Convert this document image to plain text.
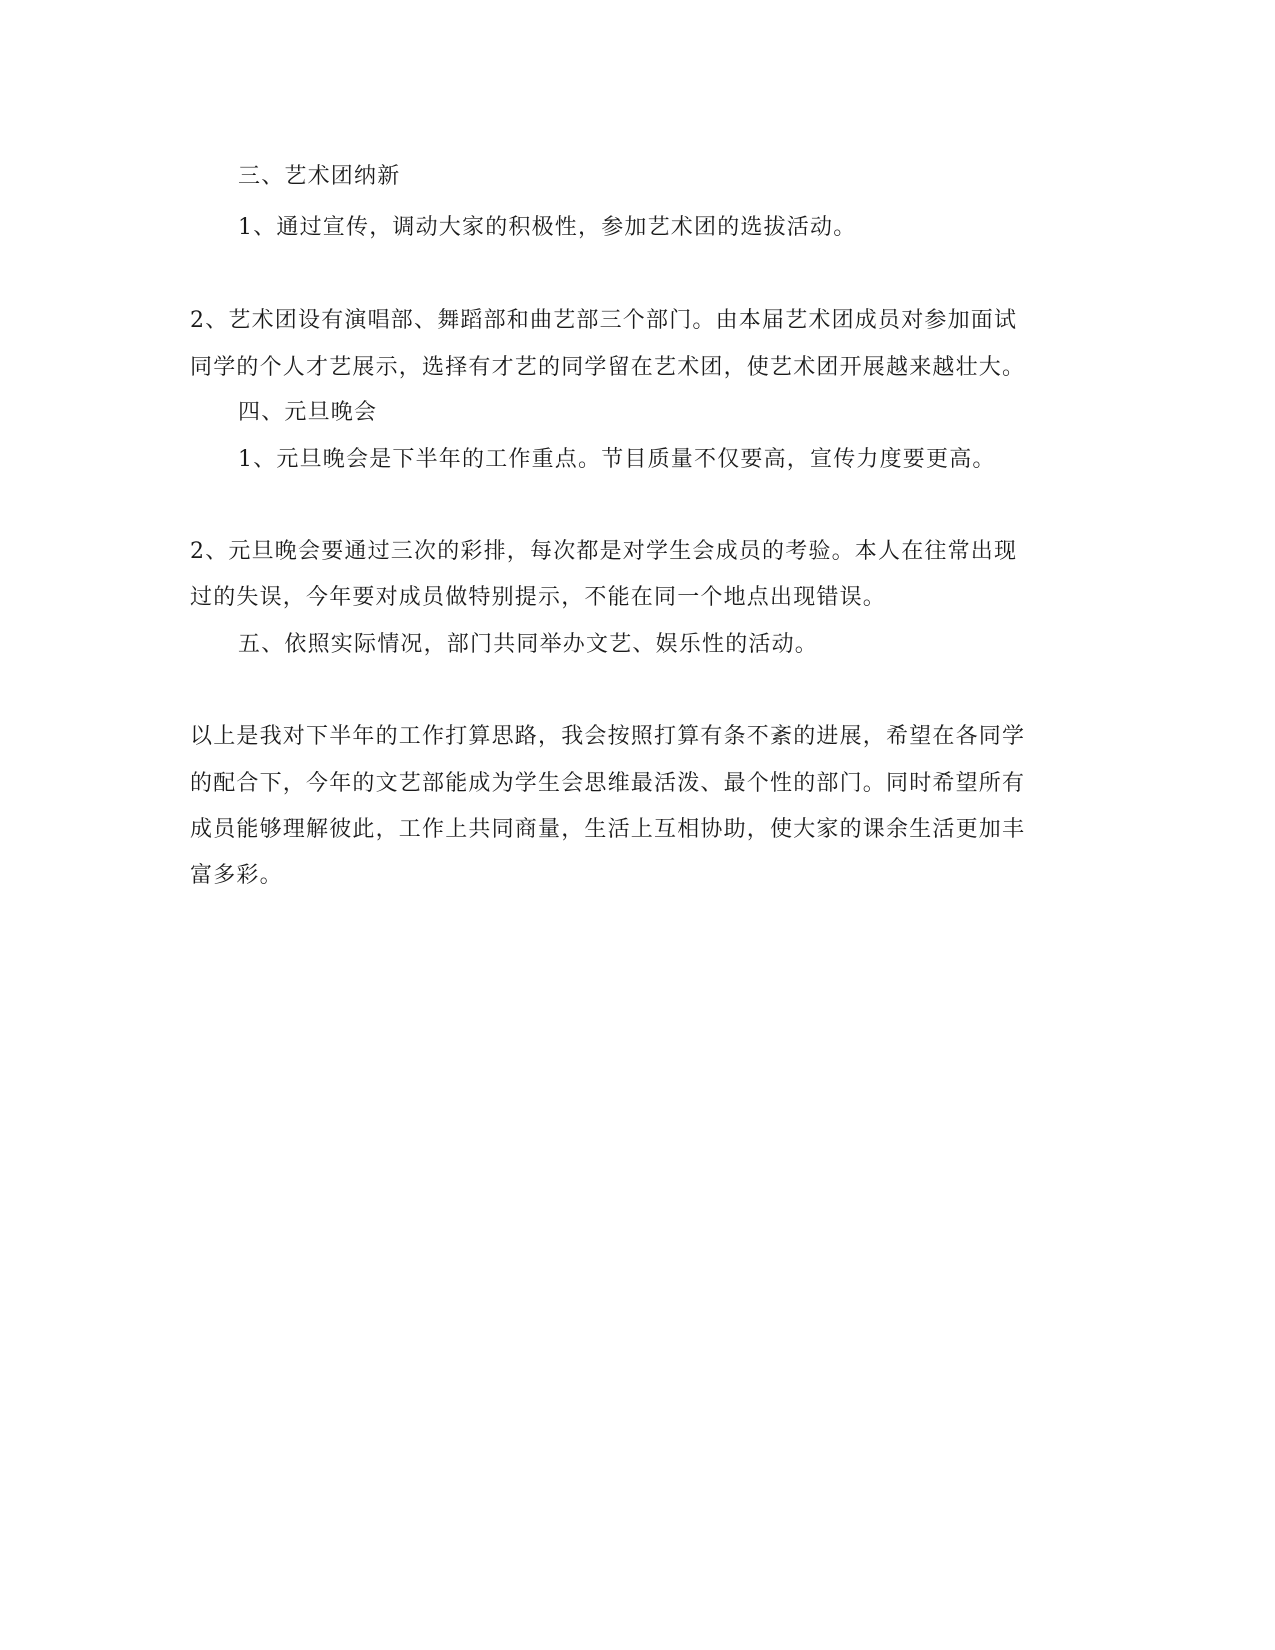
三、艺术团纳新
1、通过宣传，调动大家的积极性，参加艺术团的选拔活动。
2、艺术团设有演唱部、舞蹈部和曲艺部三个部门。由本届艺术团成员对参加面试
同学的个人才艺展示，选择有才艺的同学留在艺术团，使艺术团开展越来越壮大。
四、元旦晚会
1、元旦晚会是下半年的工作重点。节目质量不仅要高，宣传力度要更高。
2、元旦晚会要通过三次的彩排，每次都是对学生会成员的考验。本人在往常出现
过的失误，今年要对成员做特别提示，不能在同一个地点出现错误。
五、依照实际情况，部门共同举办文艺、娱乐性的活动。
以上是我对下半年的工作打算思路，我会按照打算有条不紊的进展，希望在各同学
的配合下，今年的文艺部能成为学生会思维最活泼、最个性的部门。同时希望所有
成员能够理解彼此，工作上共同商量，生活上互相协助，使大家的课余生活更加丰
富多彩。
